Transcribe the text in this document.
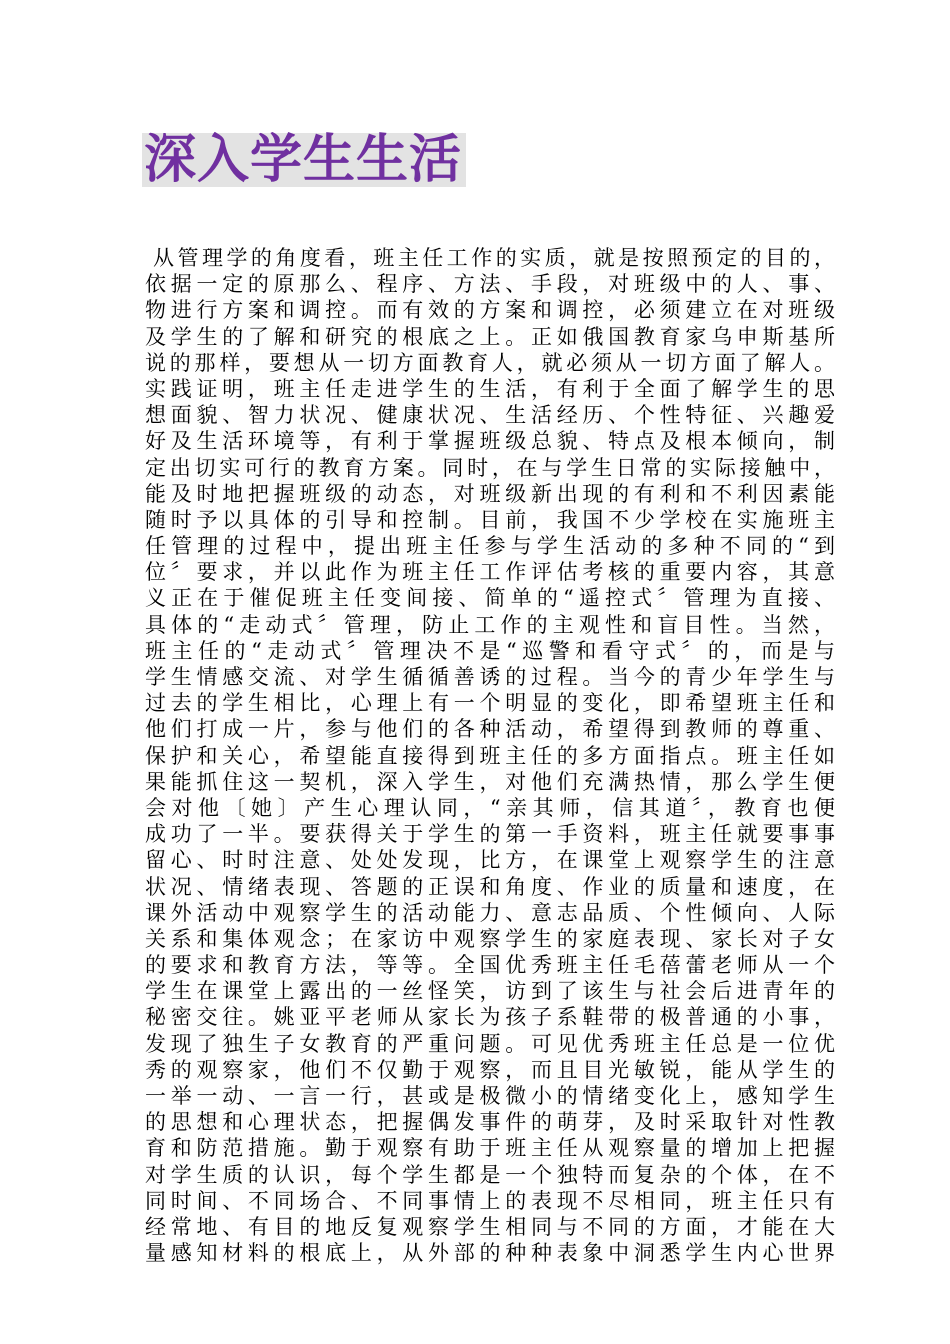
深入学生生活
从管理学的角度看，班主任工作的实质，就是按照预定的目的，
依据一定的原那么、程序、方法、手段，对班级中的人、事、
物进行方案和调控。而有效的方案和调控，必须建立在对班级
及学生的了解和研究的根底之上。正如俄国教育家乌申斯基所
说的那样，要想从一切方面教育人，就必须从一切方面了解人。
实践证明，班主任走进学生的生活，有利于全面了解学生的思
想面貌、智力状况、健康状况、生活经历、个性特征、兴趣爱
好及生活环境等，有利于掌握班级总貌、特点及根本倾向，制
定出切实可行的教育方案。同时，在与学生日常的实际接触中，
能及时地把握班级的动态，对班级新出现的有利和不利因素能
随时予以具体的引导和控制。目前，我国不少学校在实施班主
任管理的过程中，提出班主任参与学生活动的多种不同的“到
位〞要求，并以此作为班主任工作评估考核的重要内容，其意
义正在于催促班主任变间接、简单的“遥控式〞管理为直接、
具体的“走动式〞管理，防止工作的主观性和盲目性。当然，
班主任的“走动式〞管理决不是“巡警和看守式〞的，而是与
学生情感交流、对学生循循善诱的过程。当今的青少年学生与
过去的学生相比，心理上有一个明显的变化，即希望班主任和
他们打成一片，参与他们的各种活动，希望得到教师的尊重、
保护和关心，希望能直接得到班主任的多方面指点。班主任如
果能抓住这一契机，深入学生，对他们充满热情，那么学生便
会对他〔她〕产生心理认同，“亲其师，信其道〞，教育也便
成功了一半。要获得关于学生的第一手资料，班主任就要事事
留心、时时注意、处处发现，比方，在课堂上观察学生的注意
状况、情绪表现、答题的正误和角度、作业的质量和速度，在
课外活动中观察学生的活动能力、意志品质、个性倾向、人际
关系和集体观念；在家访中观察学生的家庭表现、家长对子女
的要求和教育方法，等等。全国优秀班主任毛蓓蕾老师从一个
学生在课堂上露出的一丝怪笑，访到了该生与社会后进青年的
秘密交往。姚亚平老师从家长为孩子系鞋带的极普通的小事，
发现了独生子女教育的严重问题。可见优秀班主任总是一位优
秀的观察家，他们不仅勤于观察，而且目光敏锐，能从学生的
一举一动、一言一行，甚或是极微小的情绪变化上，感知学生
的思想和心理状态，把握偶发事件的萌芽，及时采取针对性教
育和防范措施。勤于观察有助于班主任从观察量的增加上把握
对学生质的认识，每个学生都是一个独特而复杂的个体，在不
同时间、不同场合、不同事情上的表现不尽相同，班主任只有
经常地、有目的地反复观察学生相同与不同的方面，才能在大
量感知材料的根底上，从外部的种种表象中洞悉学生内心世界
